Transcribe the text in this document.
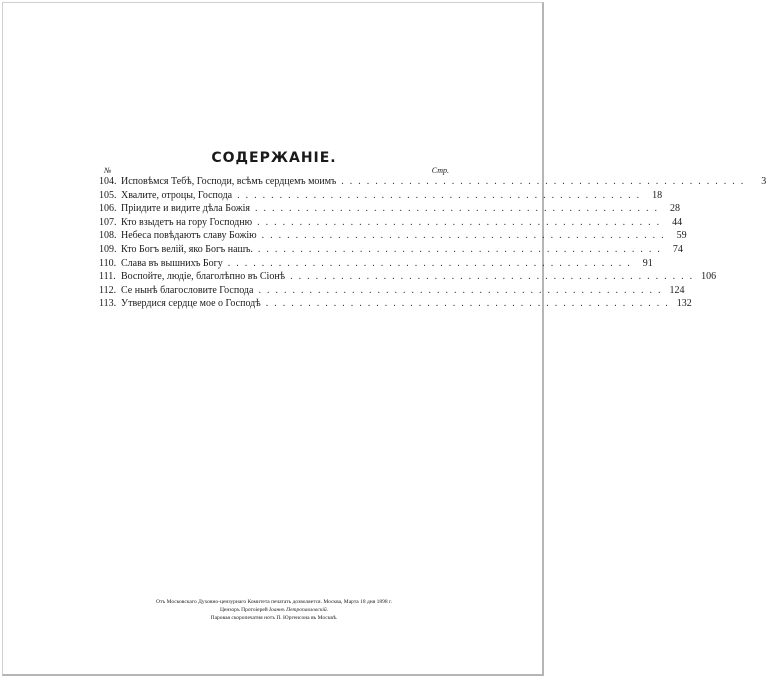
СОДЕРЖАНIЕ.
№	Стр.
104. Исповѣмся Тебѣ, Господи, всѣмъ сердцемъ моимъ ................................................	3
105. Хвалите, отроцы, Господа ................................................ 18
106. Прiидите и видите дѣла Божiя ................................................ 28
107. Кто взыдетъ на гору Господню ................................................ 44
108. Небеса повѣдаютъ славу Божiю ................................................ 59
109. Кто Богъ велiй, яко Богъ нашъ. ................................................ 74
110. Слава въ вышнихъ Богу ................................................ 91
111. Воспойте, людiе, благолѣпно въ Сiонѣ ................................................ 106
112. Се нынѣ благословите Господа ................................................ 124
113. Утвердися сердце мое о Господѣ ................................................ 132
Отъ Московскаго Духовно-цензурнаго Комитета печатать дозволяется. Москва, Марта 18 дня 1898 г.
Цензоръ Протоiерей Iоаннъ Петропавловскiй.
Паровая скоропечатня нотъ П. Юргенсона въ Москвѣ.
